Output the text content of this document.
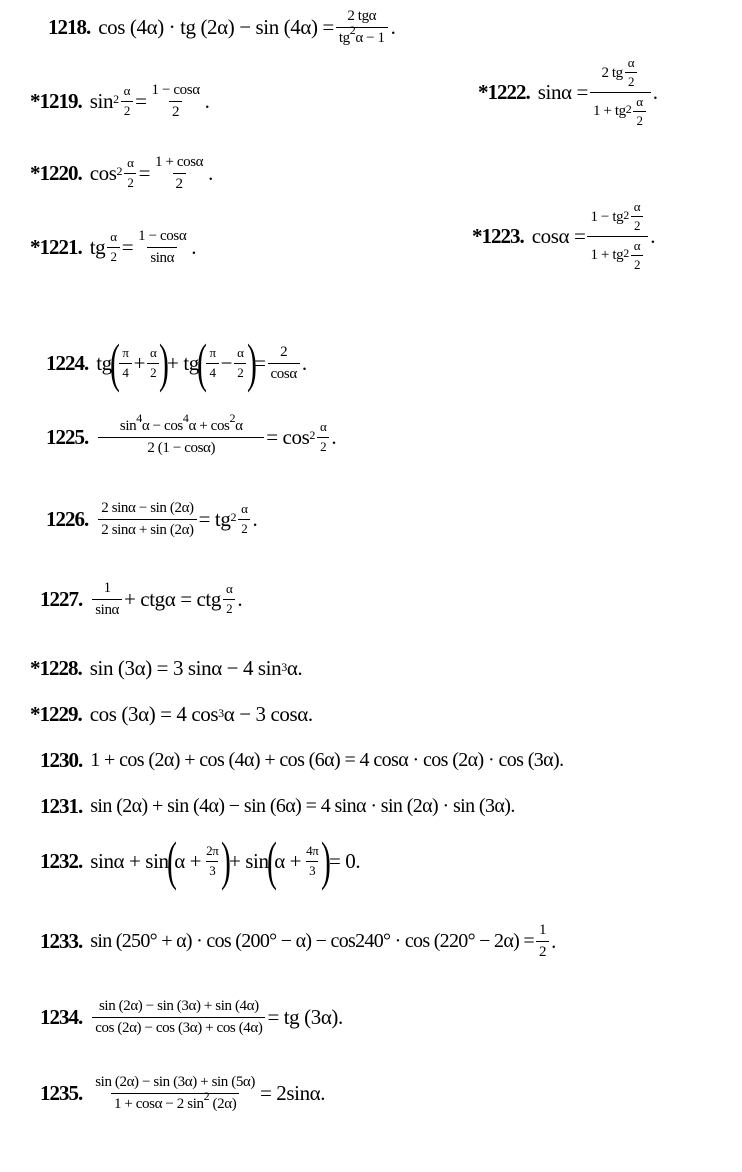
1218. cos (4α) · tg $(2\alpha) - \sin (4\alpha) = \frac{\text{2 tgα}}{tg^2\alpha - 1}$ .
*1219. $\sin^2 \frac{\alpha}{2} = \frac{1 - \cos\alpha}{2}$ .
*1220. $\cos^2 \frac{\alpha}{2} = \frac{1 + \cos\alpha}{2}$ .
*1221. tg $\frac{\alpha}{2} = \frac{1 - \cos\alpha}{\sin\alpha}$ .
*1222. $\sin\alpha = \frac{2 tg \frac{\alpha}{2}}{1 + tg^2 \frac{\alpha}{2}}$ .
*1223. $\cos\alpha = \frac{1 - tg^2 \frac{\alpha}{2}}{1 + tg^2 \frac{\alpha}{2}}$ .
1224. tg
( $\frac{\pi}{4} + \frac{\alpha}{2}$ )
+ tg
( $\frac{\pi}{4} - \frac{\alpha}{2}$ )
= $\frac{2}{\cos\alpha}$ .
1225. $\frac{\sin^4\alpha - \cos^4\alpha + \cos^2\alpha}{2 (1 - \cos\alpha)} = \cos^2 \frac{\alpha}{2}$ .
1226. $\frac{2 \sin\alpha - \sin (2\alpha)}{2 \sin\alpha + \sin (2\alpha)} = tg^2 \frac{\alpha}{2}$ .
1227. $\frac{1}{\sin\alpha} + ctg\alpha$ = ctg $\frac{\alpha}{2}$ .
*1228. sin (3α) = 3 sinα − 4 $\sin^3 \alpha$.
*1229. cos (3α) = 4 $\cos^3 \alpha - 3$ cosα.
1230. 1 + cos (2α) + cos (4α) + cos (6α) = 4 cosα · cos (2α) · cos (3α).
1231. sin (2α) + sin (4α) − sin (6α) = 4 sinα · sin (2α) · sin (3α).
1232. sinα + sin
(
$\alpha + \frac{2\pi}{3}$ )
+ sin
(
$\alpha + \frac{4\pi}{3}$ )
= 0.
1233. $\sin (250^\circ + \alpha) \cdot \cos (200^\circ - \alpha) - \cos 240^\circ \cdot \cos (220^\circ - 2\alpha) = \frac{1}{2}$ .
1234. $\frac{\sin (2\alpha) - \sin (3\alpha) + \sin (4\alpha)}{\cos (2\alpha) - \cos (3\alpha) + \cos (4\alpha)}$ = tg (3α).
1235. $\frac{\sin (2\alpha) - \sin (3\alpha) + \sin (5\alpha)}{1 + \cos\alpha - 2 \sin^2 (2\alpha)} = 2\sin\alpha$.
